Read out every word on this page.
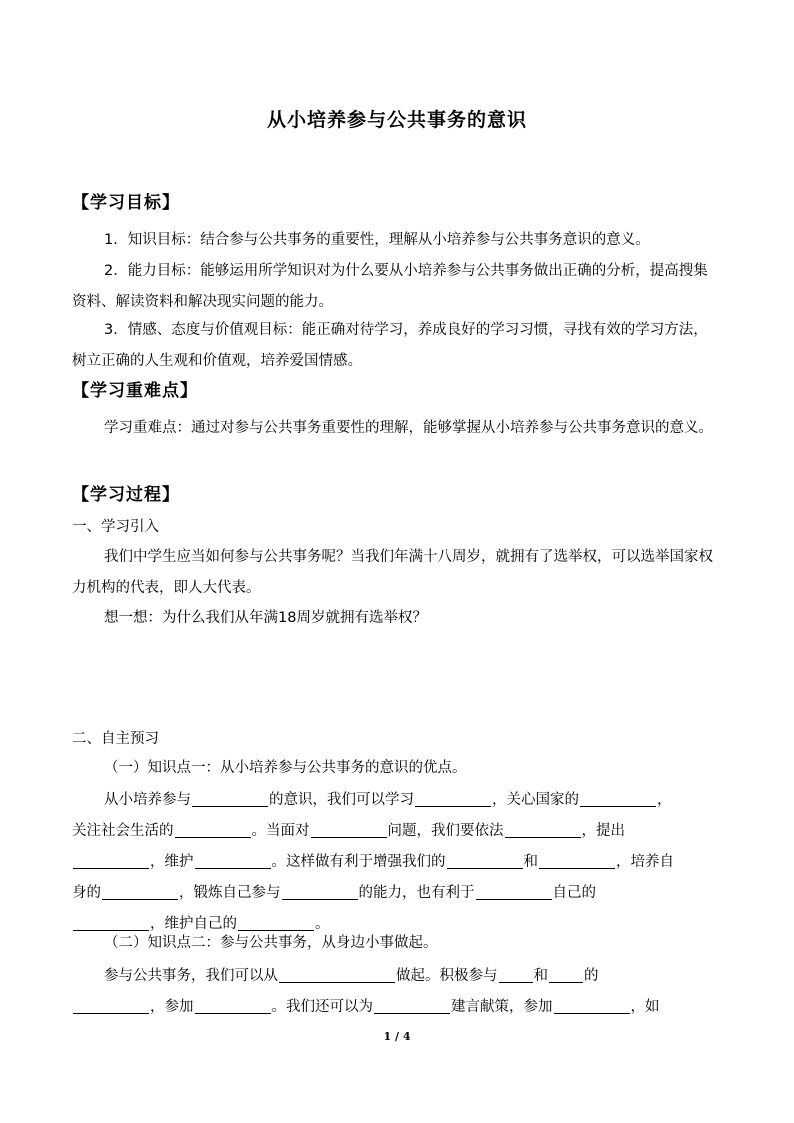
从小培养参与公共事务的意识
【学习目标】

1．知识目标：结合参与公共事务的重要性，理解从小培养参与公共事务意识的意义。

2．能力目标：能够运用所学知识对为什么要从小培养参与公共事务做出正确的分析，提高搜集资料、解读资料和解决现实问题的能力。

3．情感、态度与价值观目标：能正确对待学习，养成良好的学习习惯，寻找有效的学习方法，树立正确的人生观和价值观，培养爱国情感。

【学习重难点】

学习重难点：通过对参与公共事务重要性的理解，能够掌握从小培养参与公共事务意识的意义。

【学习过程】

一、学习引入

我们中学生应当如何参与公共事务呢？当我们年满十八周岁，就拥有了选举权，可以选举国家权力机构的代表，即人大代表。

想一想：为什么我们从年满18周岁就拥有选举权？

二、自主预习

（一）知识点一：从小培养参与公共事务的意识的优点。

从小培养参与	的意识，我们可以学习	，关心国家的	，
关注社会生活的	。当面对	问题，我们要依法	，提出
，维护	。这样做有利于增强我们的	和	，培养自
身的	，锻炼自己参与	的能力，也有利于	自己的
，维护自己的	。

（二）知识点二：参与公共事务，从身边小事做起。

参与公共事务，我们可以从	做起。积极参与 和 的
，参加	。我们还可以为	建言献策，参加	，如
1 / 4
